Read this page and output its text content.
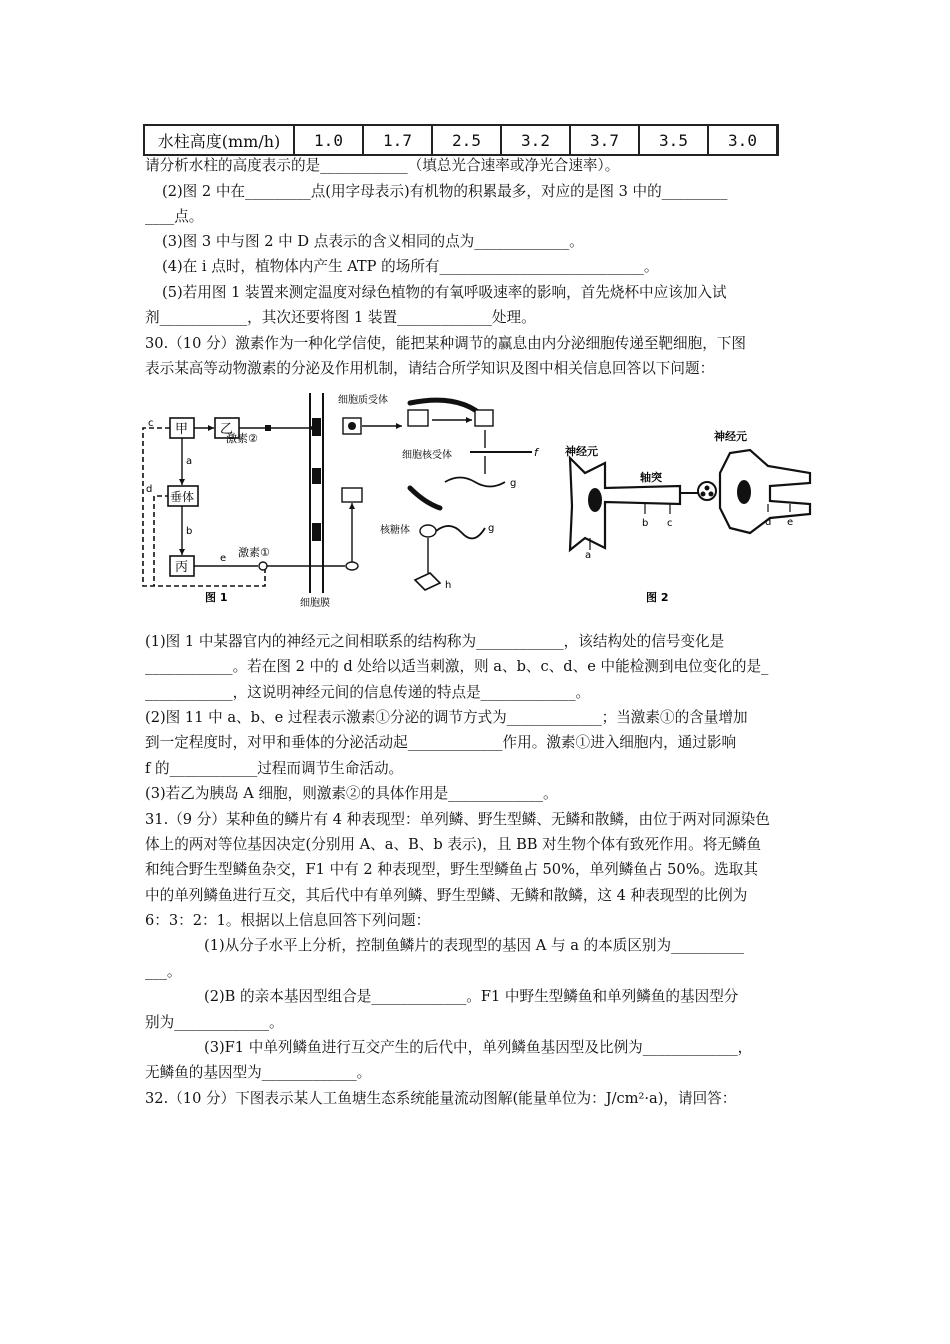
水柱高度(mm/h)	1.0	1.7	2.5	3.2	3.7	3.5	3.0
请分析水柱的高度表示的是____________（填总光合速率或净光合速率）。
(2)图 2 中在_________点(用字母表示)有机物的积累最多，对应的是图 3 中的_________
____点。
(3)图 3 中与图 2 中 D 点表示的含义相同的点为_____________。
(4)在 i 点时，植物体内产生 ATP 的场所有____________________________。
(5)若用图 1 装置来测定温度对绿色植物的有氧呼吸速率的影响，首先烧杯中应该加入试
剂____________，其次还要将图 1 装置_____________处理。
30.（10 分）激素作为一种化学信使，能把某种调节的赢息由内分泌细胞传递至靶细胞，下图
表示某高等动物激素的分泌及作用机制，请结合所学知识及图中相关信息回答以下问题：
c
d
甲 乙
垂体
丙
激素②
a
b
e 激素①
细胞膜
细胞质受体
细胞核受体	f
g
核糖体	g
h
图 1
神经元
a
轴突
b c
神经元
d e
图 2
(1)图 1 中某器官内的神经元之间相联系的结构称为____________，该结构处的信号变化是
____________。若在图 2 中的 d 处给以适当刺激，则 a、b、c、d、e 中能检测到电位变化的是_
____________，这说明神经元间的信息传递的特点是_____________。
(2)图 11 中 a、b、e 过程表示激素①分泌的调节方式为_____________；当激素①的含量增加
到一定程度时，对甲和垂体的分泌活动起_____________作用。激素①进入细胞内，通过影响
f 的____________过程而调节生命活动。
(3)若乙为胰岛 A 细胞，则激素②的具体作用是_____________。
31.（9 分）某种鱼的鳞片有 4 种表现型：单列鳞、野生型鳞、无鳞和散鳞，由位于两对同源染色
体上的两对等位基因决定(分别用 A、a、B、b 表示)，且 BB 对生物个体有致死作用。将无鳞鱼
和纯合野生型鳞鱼杂交，F1 中有 2 种表现型，野生型鳞鱼占 50%，单列鳞鱼占 50%。选取其
中的单列鳞鱼进行互交，其后代中有单列鳞、野生型鳞、无鳞和散鳞，这 4 种表现型的比例为
6：3：2：1。根据以上信息回答下列问题：
(1)从分子水平上分析，控制鱼鳞片的表现型的基因 A 与 a 的本质区别为__________
___。
(2)B 的亲本基因型组合是_____________。F1 中野生型鳞鱼和单列鳞鱼的基因型分
别为_____________。
(3)F1 中单列鳞鱼进行互交产生的后代中，单列鳞鱼基因型及比例为_____________，
无鳞鱼的基因型为_____________。
32.（10 分）下图表示某人工鱼塘生态系统能量流动图解(能量单位为：J/cm²·a)，请回答：
